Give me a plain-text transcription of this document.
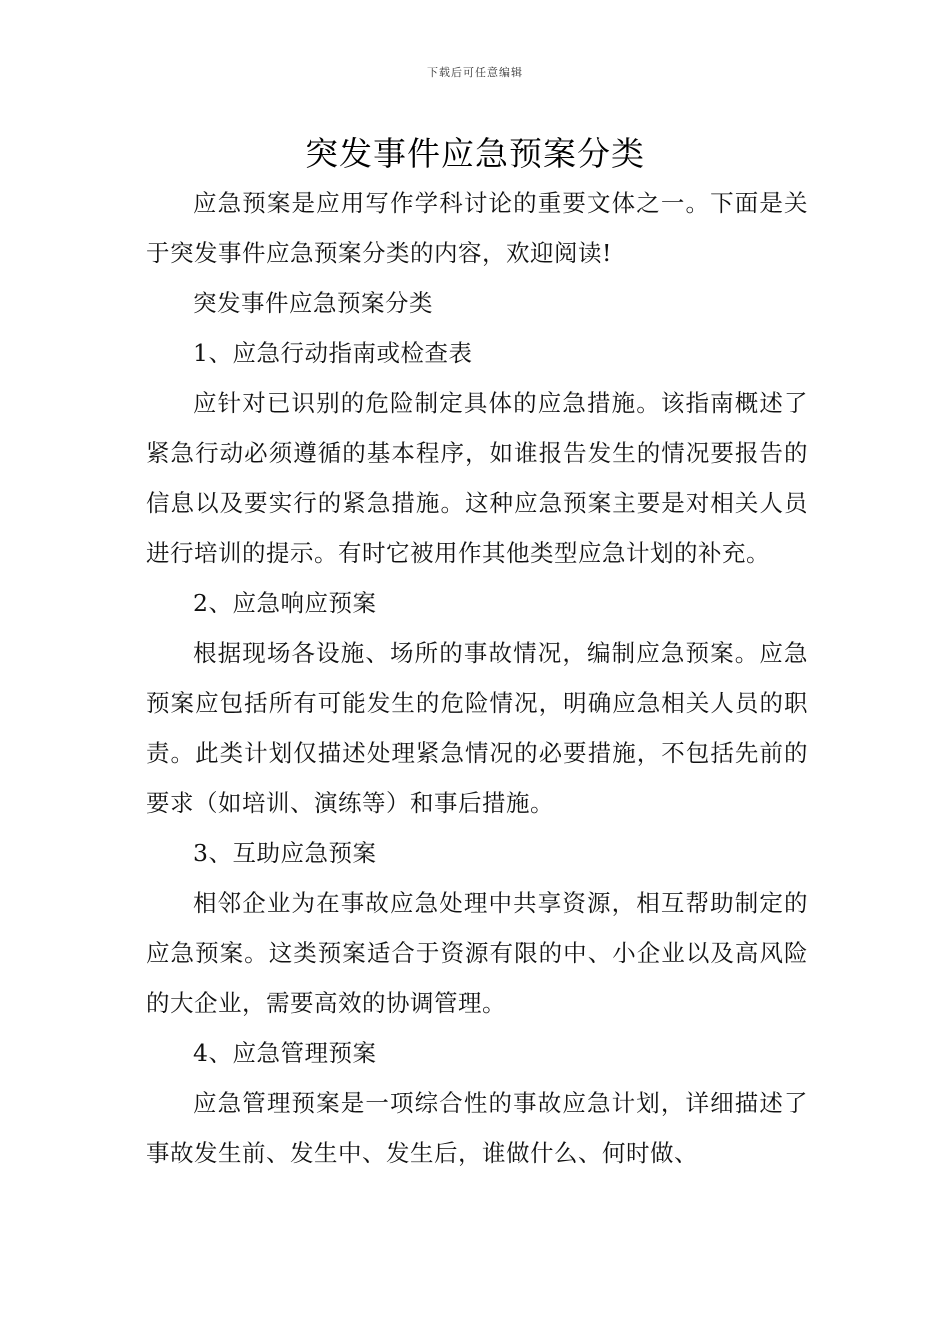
下载后可任意编辑
突发事件应急预案分类

应急预案是应用写作学科讨论的重要文体之一。下面是关于突发事件应急预案分类的内容，欢迎阅读!

突发事件应急预案分类

1、应急行动指南或检查表

应针对已识别的危险制定具体的应急措施。该指南概述了紧急行动必须遵循的基本程序，如谁报告发生的情况要报告的信息以及要实行的紧急措施。这种应急预案主要是对相关人员进行培训的提示。有时它被用作其他类型应急计划的补充。

2、应急响应预案

根据现场各设施、场所的事故情况，编制应急预案。应急预案应包括所有可能发生的危险情况，明确应急相关人员的职责。此类计划仅描述处理紧急情况的必要措施，不包括先前的要求（如培训、演练等）和事后措施。

3、互助应急预案

相邻企业为在事故应急处理中共享资源，相互帮助制定的应急预案。这类预案适合于资源有限的中、小企业以及高风险的大企业，需要高效的协调管理。

4、应急管理预案

应急管理预案是一项综合性的事故应急计划，详细描述了事故发生前、发生中、发生后，谁做什么、何时做、
